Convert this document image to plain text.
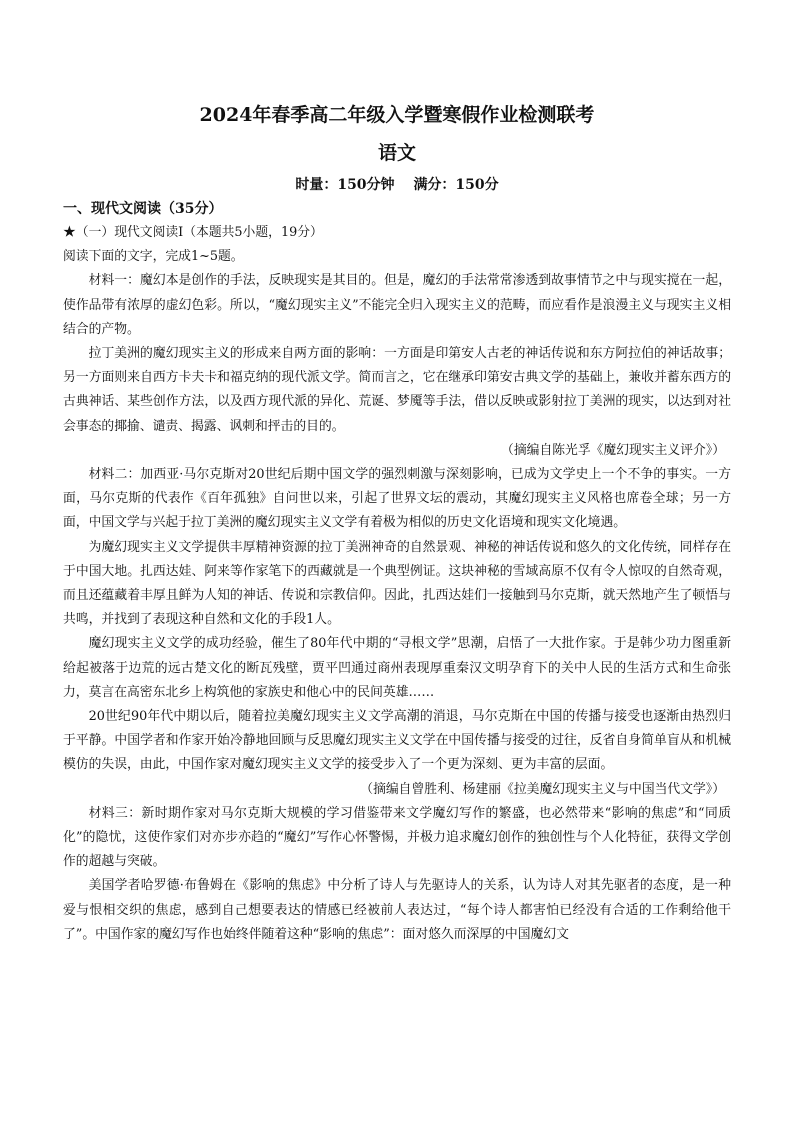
2024年春季高二年级入学暨寒假作业检测联考
语文
时量：150分钟 满分：150分

一、现代文阅读（35分）

★（一）现代文阅读Ⅰ（本题共5小题，19分）

阅读下面的文字，完成1~5题。

材料一：魔幻本是创作的手法，反映现实是其目的。但是，魔幻的手法常常渗透到故事情节之中与现实搅在一起，使作品带有浓厚的虚幻色彩。所以，“魔幻现实主义”不能完全归入现实主义的范畴，而应看作是浪漫主义与现实主义相结合的产物。

拉丁美洲的魔幻现实主义的形成来自两方面的影响：一方面是印第安人古老的神话传说和东方阿拉伯的神话故事；另一方面则来自西方卡夫卡和福克纳的现代派文学。简而言之，它在继承印第安古典文学的基础上，兼收并蓄东西方的古典神话、某些创作方法，以及西方现代派的异化、荒诞、梦魇等手法，借以反映或影射拉丁美洲的现实，以达到对社会事态的揶揄、谴责、揭露、讽刺和抨击的目的。

（摘编自陈光孚《魔幻现实主义评介》）

材料二：加西亚·马尔克斯对20世纪后期中国文学的强烈刺激与深刻影响，已成为文学史上一个不争的事实。一方面，马尔克斯的代表作《百年孤独》自问世以来，引起了世界文坛的震动，其魔幻现实主义风格也席卷全球；另一方面，中国文学与兴起于拉丁美洲的魔幻现实主义文学有着极为相似的历史文化语境和现实文化境遇。

为魔幻现实主义文学提供丰厚精神资源的拉丁美洲神奇的自然景观、神秘的神话传说和悠久的文化传统，同样存在于中国大地。扎西达娃、阿来等作家笔下的西藏就是一个典型例证。这块神秘的雪域高原不仅有令人惊叹的自然奇观，而且还蕴藏着丰厚且鲜为人知的神话、传说和宗教信仰。因此，扎西达娃们一接触到马尔克斯，就天然地产生了顿悟与共鸣，并找到了表现这种自然和文化的手段1人。

魔幻现实主义文学的成功经验，催生了80年代中期的“寻根文学”思潮，启悟了一大批作家。于是韩少功力图重新给起被落于边荒的远古楚文化的断瓦残壁，贾平凹通过商州表现厚重秦汉文明孕育下的关中人民的生活方式和生命张力，莫言在高密东北乡上构筑他的家族史和他心中的民间英雄……

20世纪90年代中期以后，随着拉美魔幻现实主义文学高潮的消退，马尔克斯在中国的传播与接受也逐渐由热烈归于平静。中国学者和作家开始冷静地回顾与反思魔幻现实主义文学在中国传播与接受的过往，反省自身简单盲从和机械模仿的失误，由此，中国作家对魔幻现实主义文学的接受步入了一个更为深刻、更为丰富的层面。

（摘编自曾胜利、杨建丽《拉美魔幻现实主义与中国当代文学》）

材料三：新时期作家对马尔克斯大规模的学习借鉴带来文学魔幻写作的繁盛，也必然带来“影响的焦虑”和“同质化”的隐忧，这使作家们对亦步亦趋的“魔幻”写作心怀警惕，并极力追求魔幻创作的独创性与个人化特征，获得文学创作的超越与突破。

美国学者哈罗德·布鲁姆在《影响的焦虑》中分析了诗人与先驱诗人的关系，认为诗人对其先驱者的态度，是一种爱与恨相交织的焦虑，感到自己想要表达的情感已经被前人表达过，“每个诗人都害怕已经没有合适的工作剩给他干了”。中国作家的魔幻写作也始终伴随着这种“影响的焦虑”：面对悠久而深厚的中国魔幻文
